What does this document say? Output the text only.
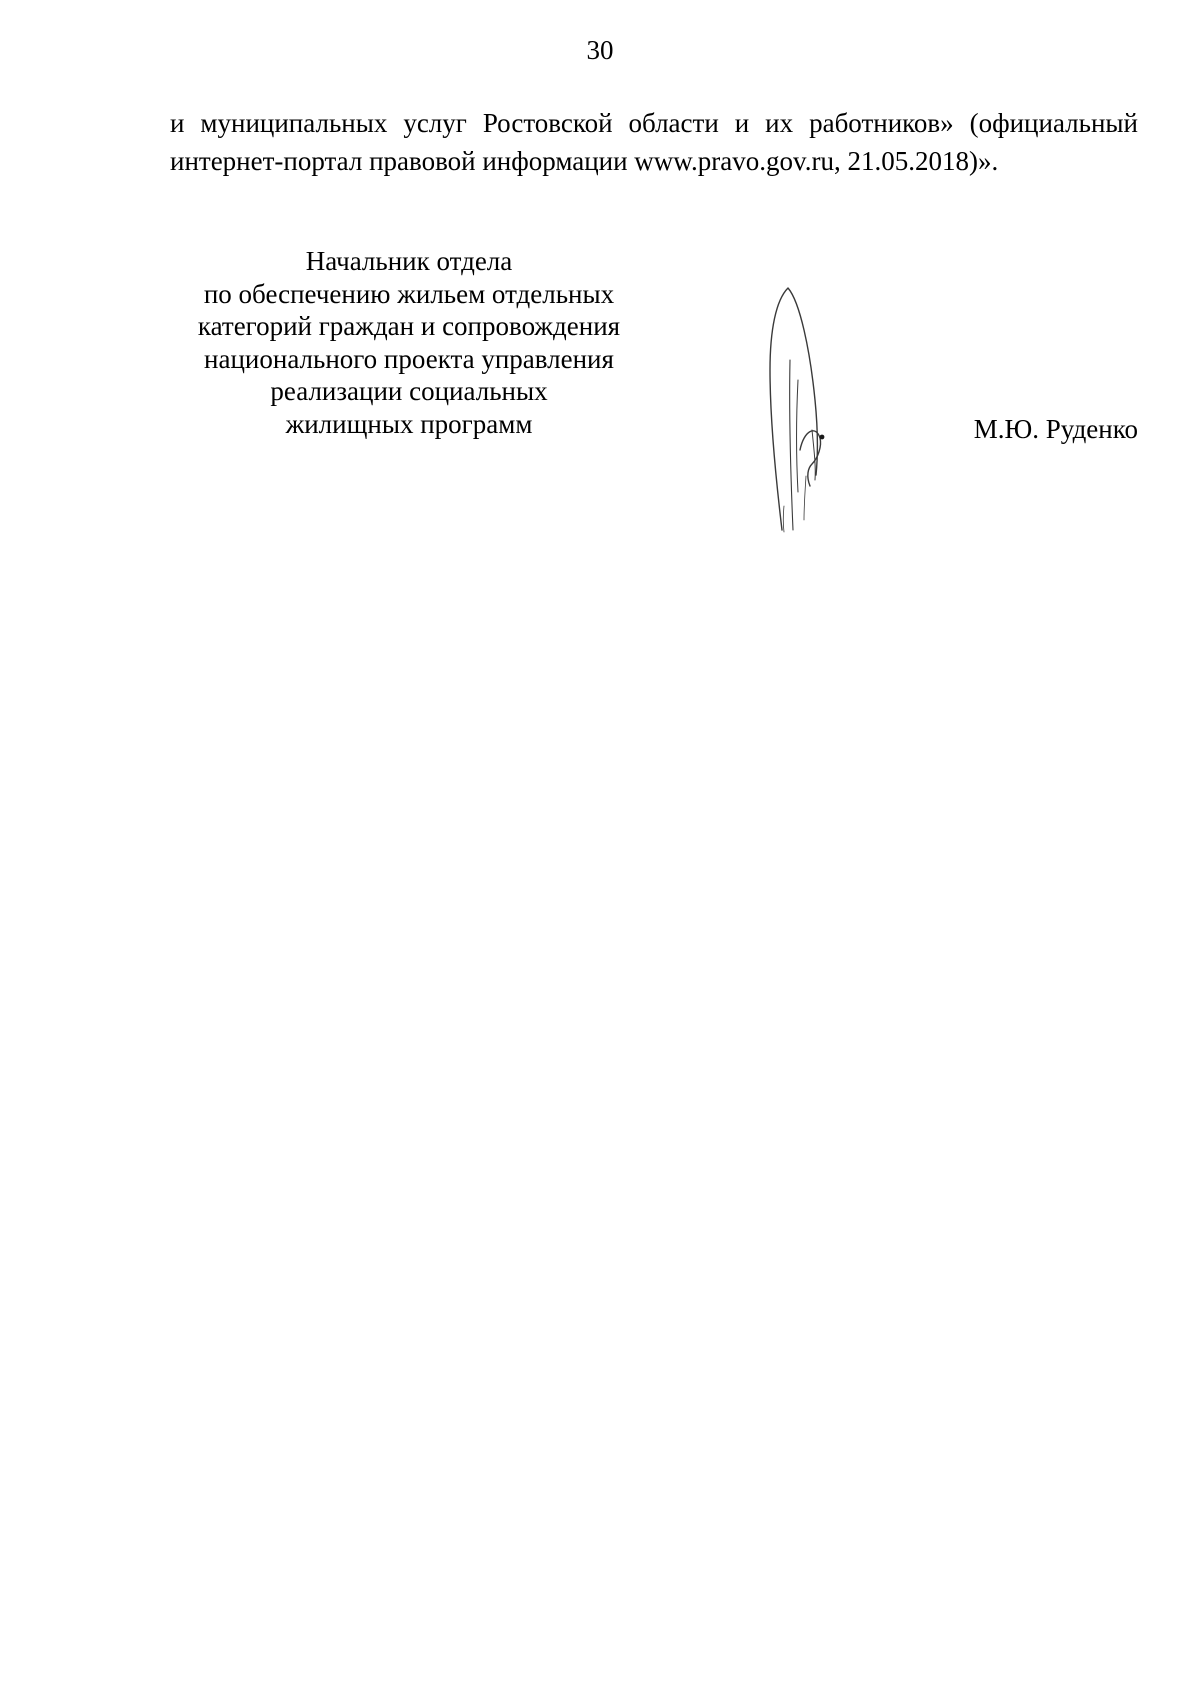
30
и муниципальных услуг Ростовской области и их работников» (официальный
интернет-портал правовой информации www.pravo.gov.ru, 21.05.2018)».
Начальник отдела
по обеспечению жильем отдельных
категорий граждан и сопровождения
национального проекта управления
реализации социальных
жилищных программ	М.Ю. Руденко
